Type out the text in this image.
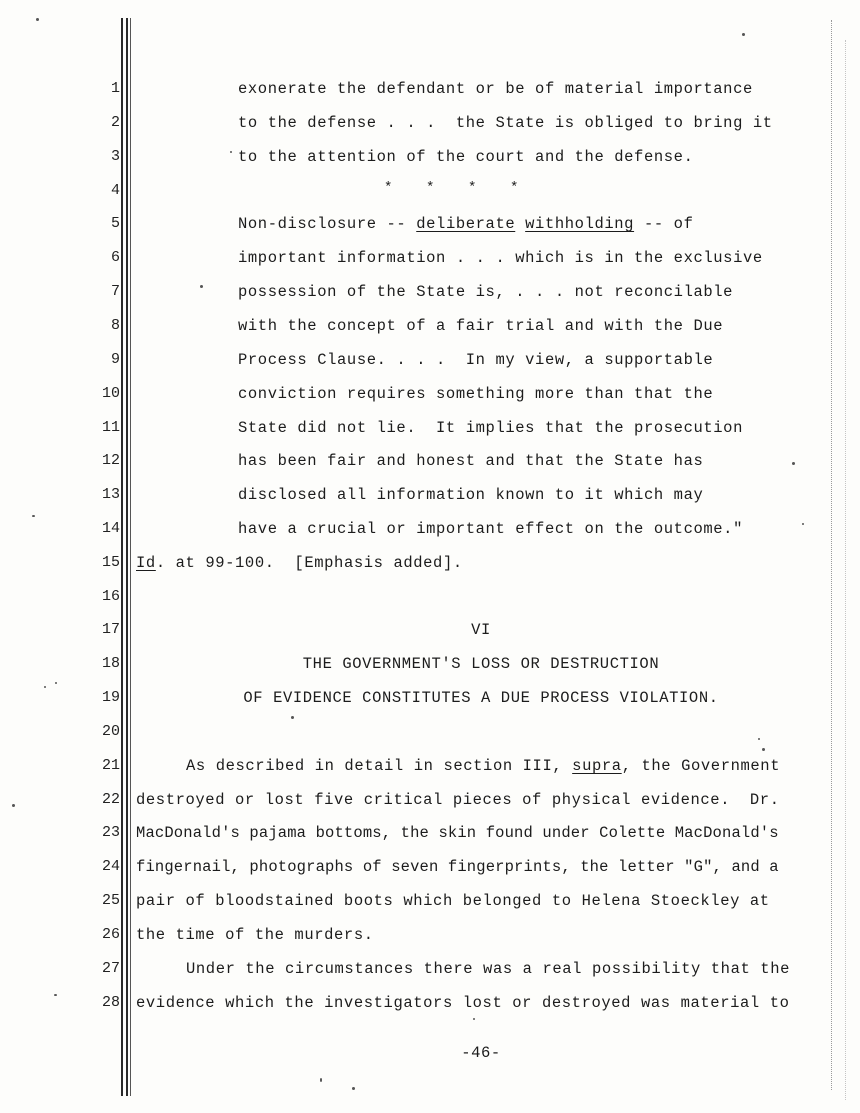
1
2
3
4
5
6
7
8
9
10
11
12
13
14
15
16
17
18
19
20
21
22
23
24
25
26
27
28
exonerate the defendant or be of material importance
to the defense . . .  the State is obliged to bring it
to the attention of the court and the defense.
*    *    *    *
Non-disclosure -- deliberate withholding -- of
important information . . . which is in the exclusive
possession of the State is, . . . not reconcilable
with the concept of a fair trial and with the Due
Process Clause. . . .  In my view, a supportable
conviction requires something more than that the
State did not lie.  It implies that the prosecution
has been fair and honest and that the State has
disclosed all information known to it which may
have a crucial or important effect on the outcome."
Id. at 99-100.  [Emphasis added].
VI
THE GOVERNMENT'S LOSS OR DESTRUCTION
OF EVIDENCE CONSTITUTES A DUE PROCESS VIOLATION.
As described in detail in section III, supra, the Government
destroyed or lost five critical pieces of physical evidence.  Dr.
MacDonald's pajama bottoms, the skin found under Colette MacDonald's
fingernail, photographs of seven fingerprints, the letter "G", and a
pair of bloodstained boots which belonged to Helena Stoeckley at
the time of the murders.
Under the circumstances there was a real possibility that the
evidence which the investigators lost or destroyed was material to
-46-
